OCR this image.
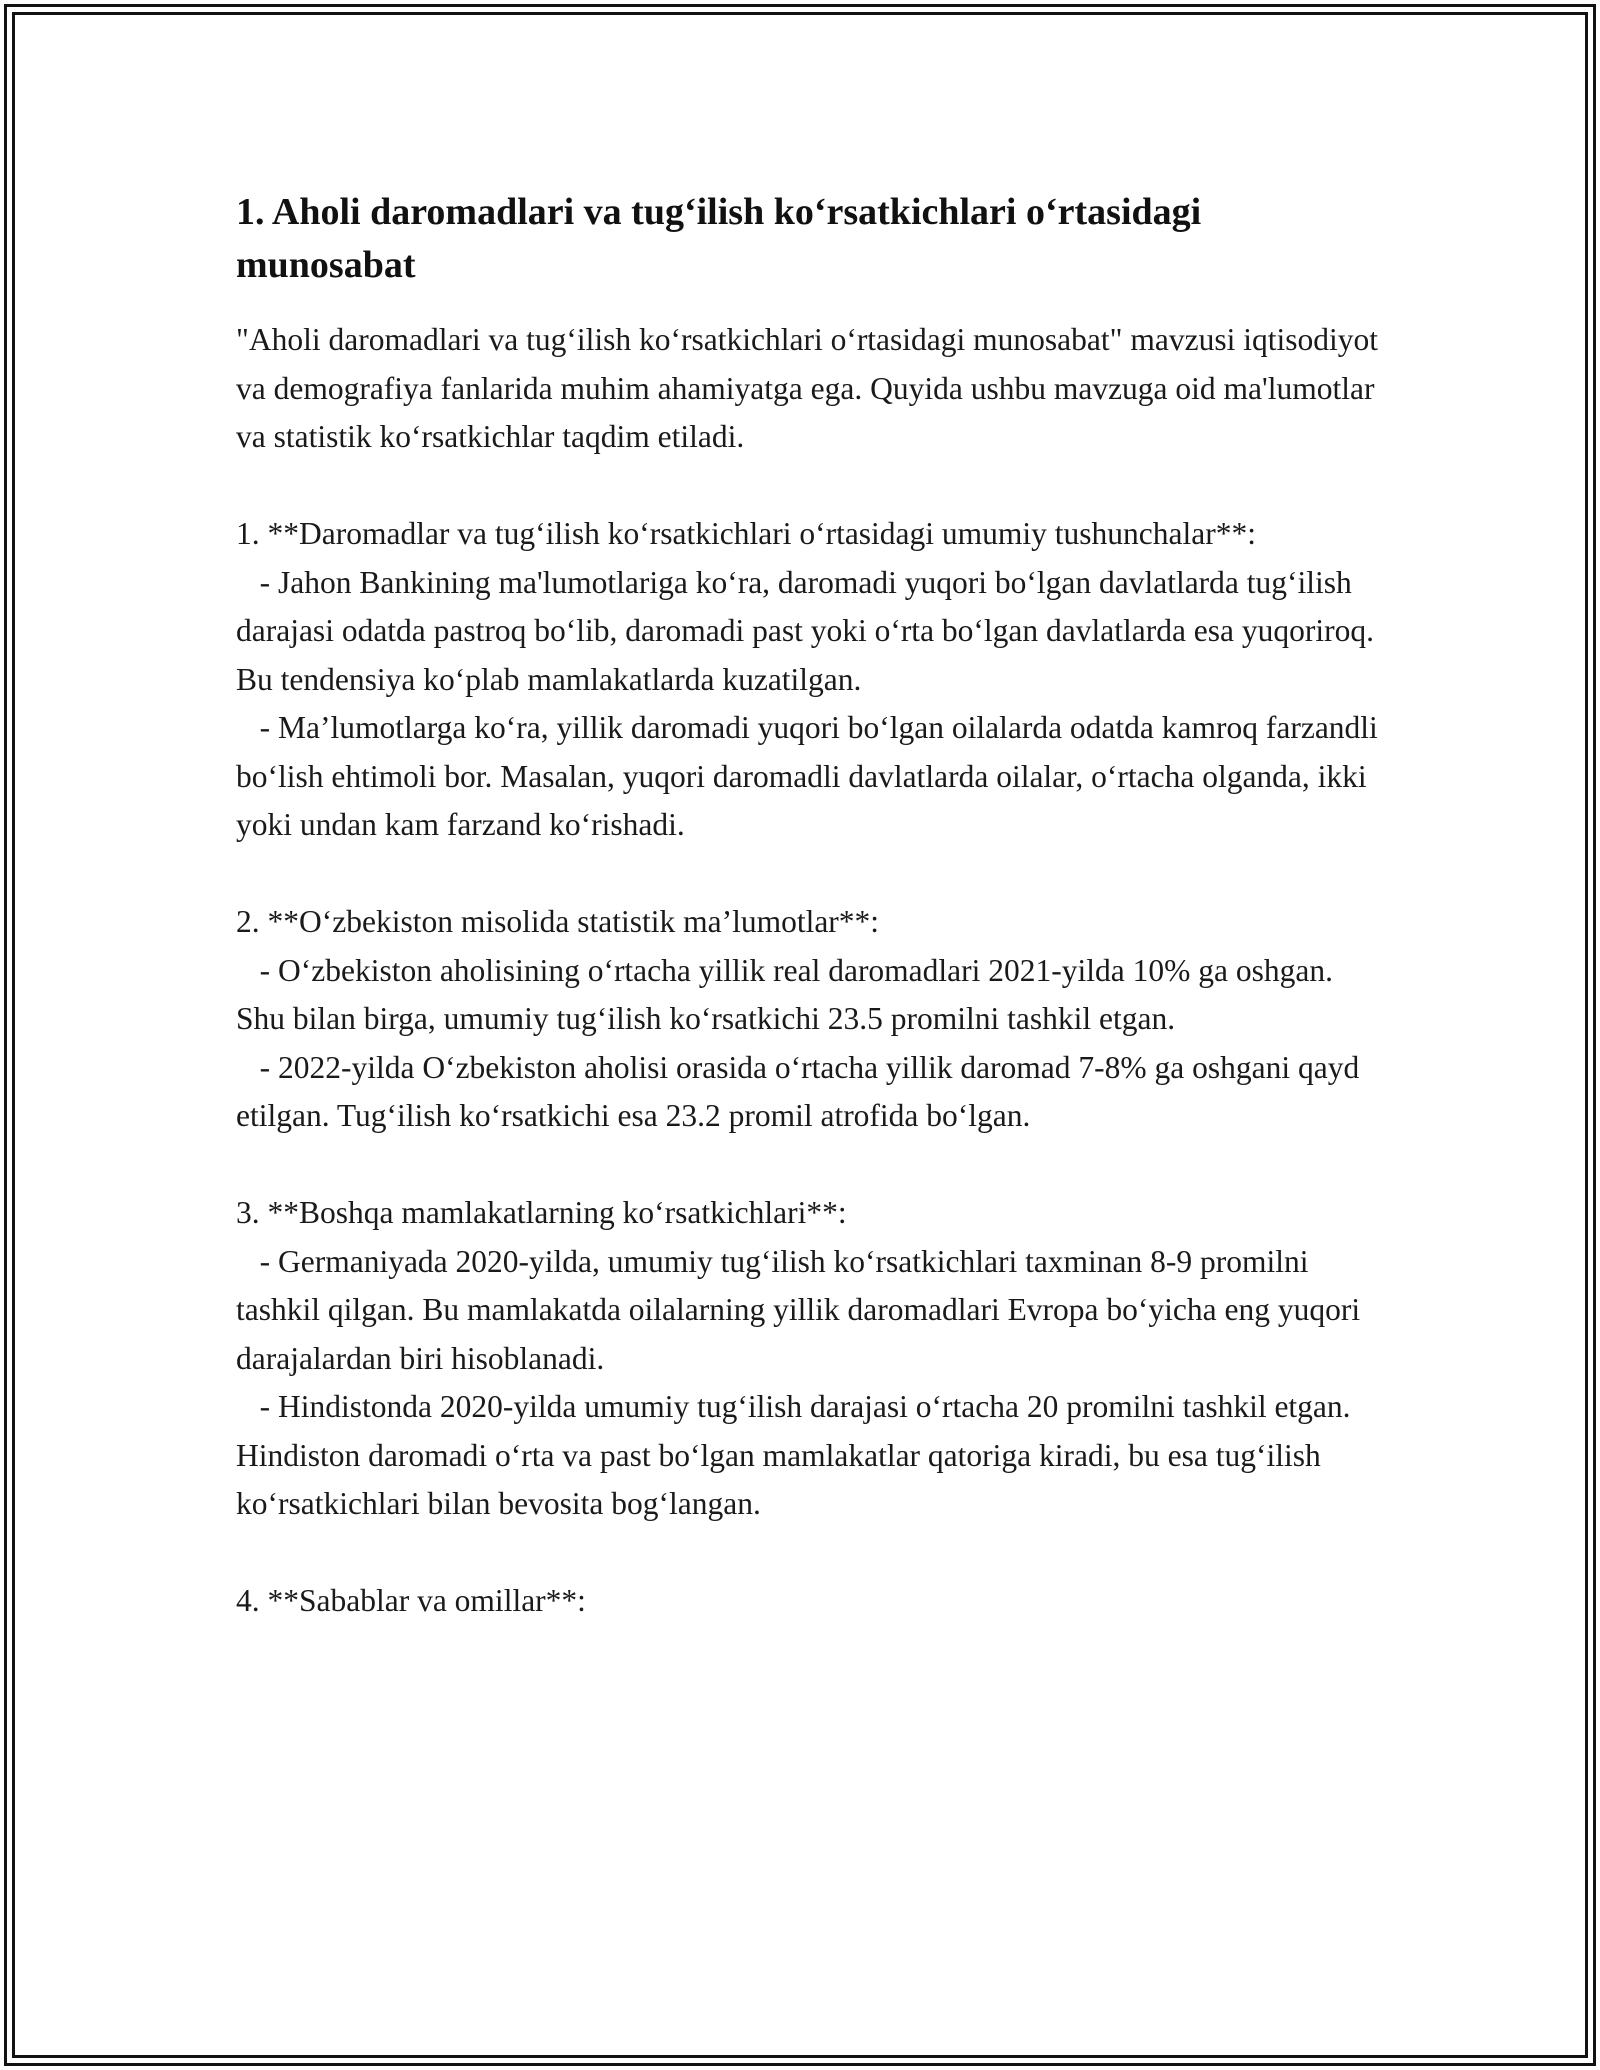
1. Aholi daromadlari va tug‘ilish ko‘rsatkichlari o‘rtasidagi munosabat

"Aholi daromadlari va tug‘ilish ko‘rsatkichlari o‘rtasidagi munosabat" mavzusi iqtisodiyot va demografiya fanlarida muhim ahamiyatga ega. Quyida ushbu mavzuga oid ma'lumotlar va statistik ko‘rsatkichlar taqdim etiladi.

1. **Daromadlar va tug‘ilish ko‘rsatkichlari o‘rtasidagi umumiy tushunchalar**:

- Jahon Bankining ma'lumotlariga ko‘ra, daromadi yuqori bo‘lgan davlatlarda tug‘ilish darajasi odatda pastroq bo‘lib, daromadi past yoki o‘rta bo‘lgan davlatlarda esa yuqoriroq. Bu tendensiya ko‘plab mamlakatlarda kuzatilgan.

- Ma’lumotlarga ko‘ra, yillik daromadi yuqori bo‘lgan oilalarda odatda kamroq farzandli bo‘lish ehtimoli bor. Masalan, yuqori daromadli davlatlarda oilalar, o‘rtacha olganda, ikki yoki undan kam farzand ko‘rishadi.

2. **O‘zbekiston misolida statistik ma’lumotlar**:

- O‘zbekiston aholisining o‘rtacha yillik real daromadlari 2021-yilda 10% ga oshgan. Shu bilan birga, umumiy tug‘ilish ko‘rsatkichi 23.5 promilni tashkil etgan.

- 2022-yilda O‘zbekiston aholisi orasida o‘rtacha yillik daromad 7-8% ga oshgani qayd etilgan. Tug‘ilish ko‘rsatkichi esa 23.2 promil atrofida bo‘lgan.

3. **Boshqa mamlakatlarning ko‘rsatkichlari**:

- Germaniyada 2020-yilda, umumiy tug‘ilish ko‘rsatkichlari taxminan 8-9 promilni tashkil qilgan. Bu mamlakatda oilalarning yillik daromadlari Evropa bo‘yicha eng yuqori darajalardan biri hisoblanadi.

- Hindistonda 2020-yilda umumiy tug‘ilish darajasi o‘rtacha 20 promilni tashkil etgan. Hindiston daromadi o‘rta va past bo‘lgan mamlakatlar qatoriga kiradi, bu esa tug‘ilish ko‘rsatkichlari bilan bevosita bog‘langan.

4. **Sabablar va omillar**:
